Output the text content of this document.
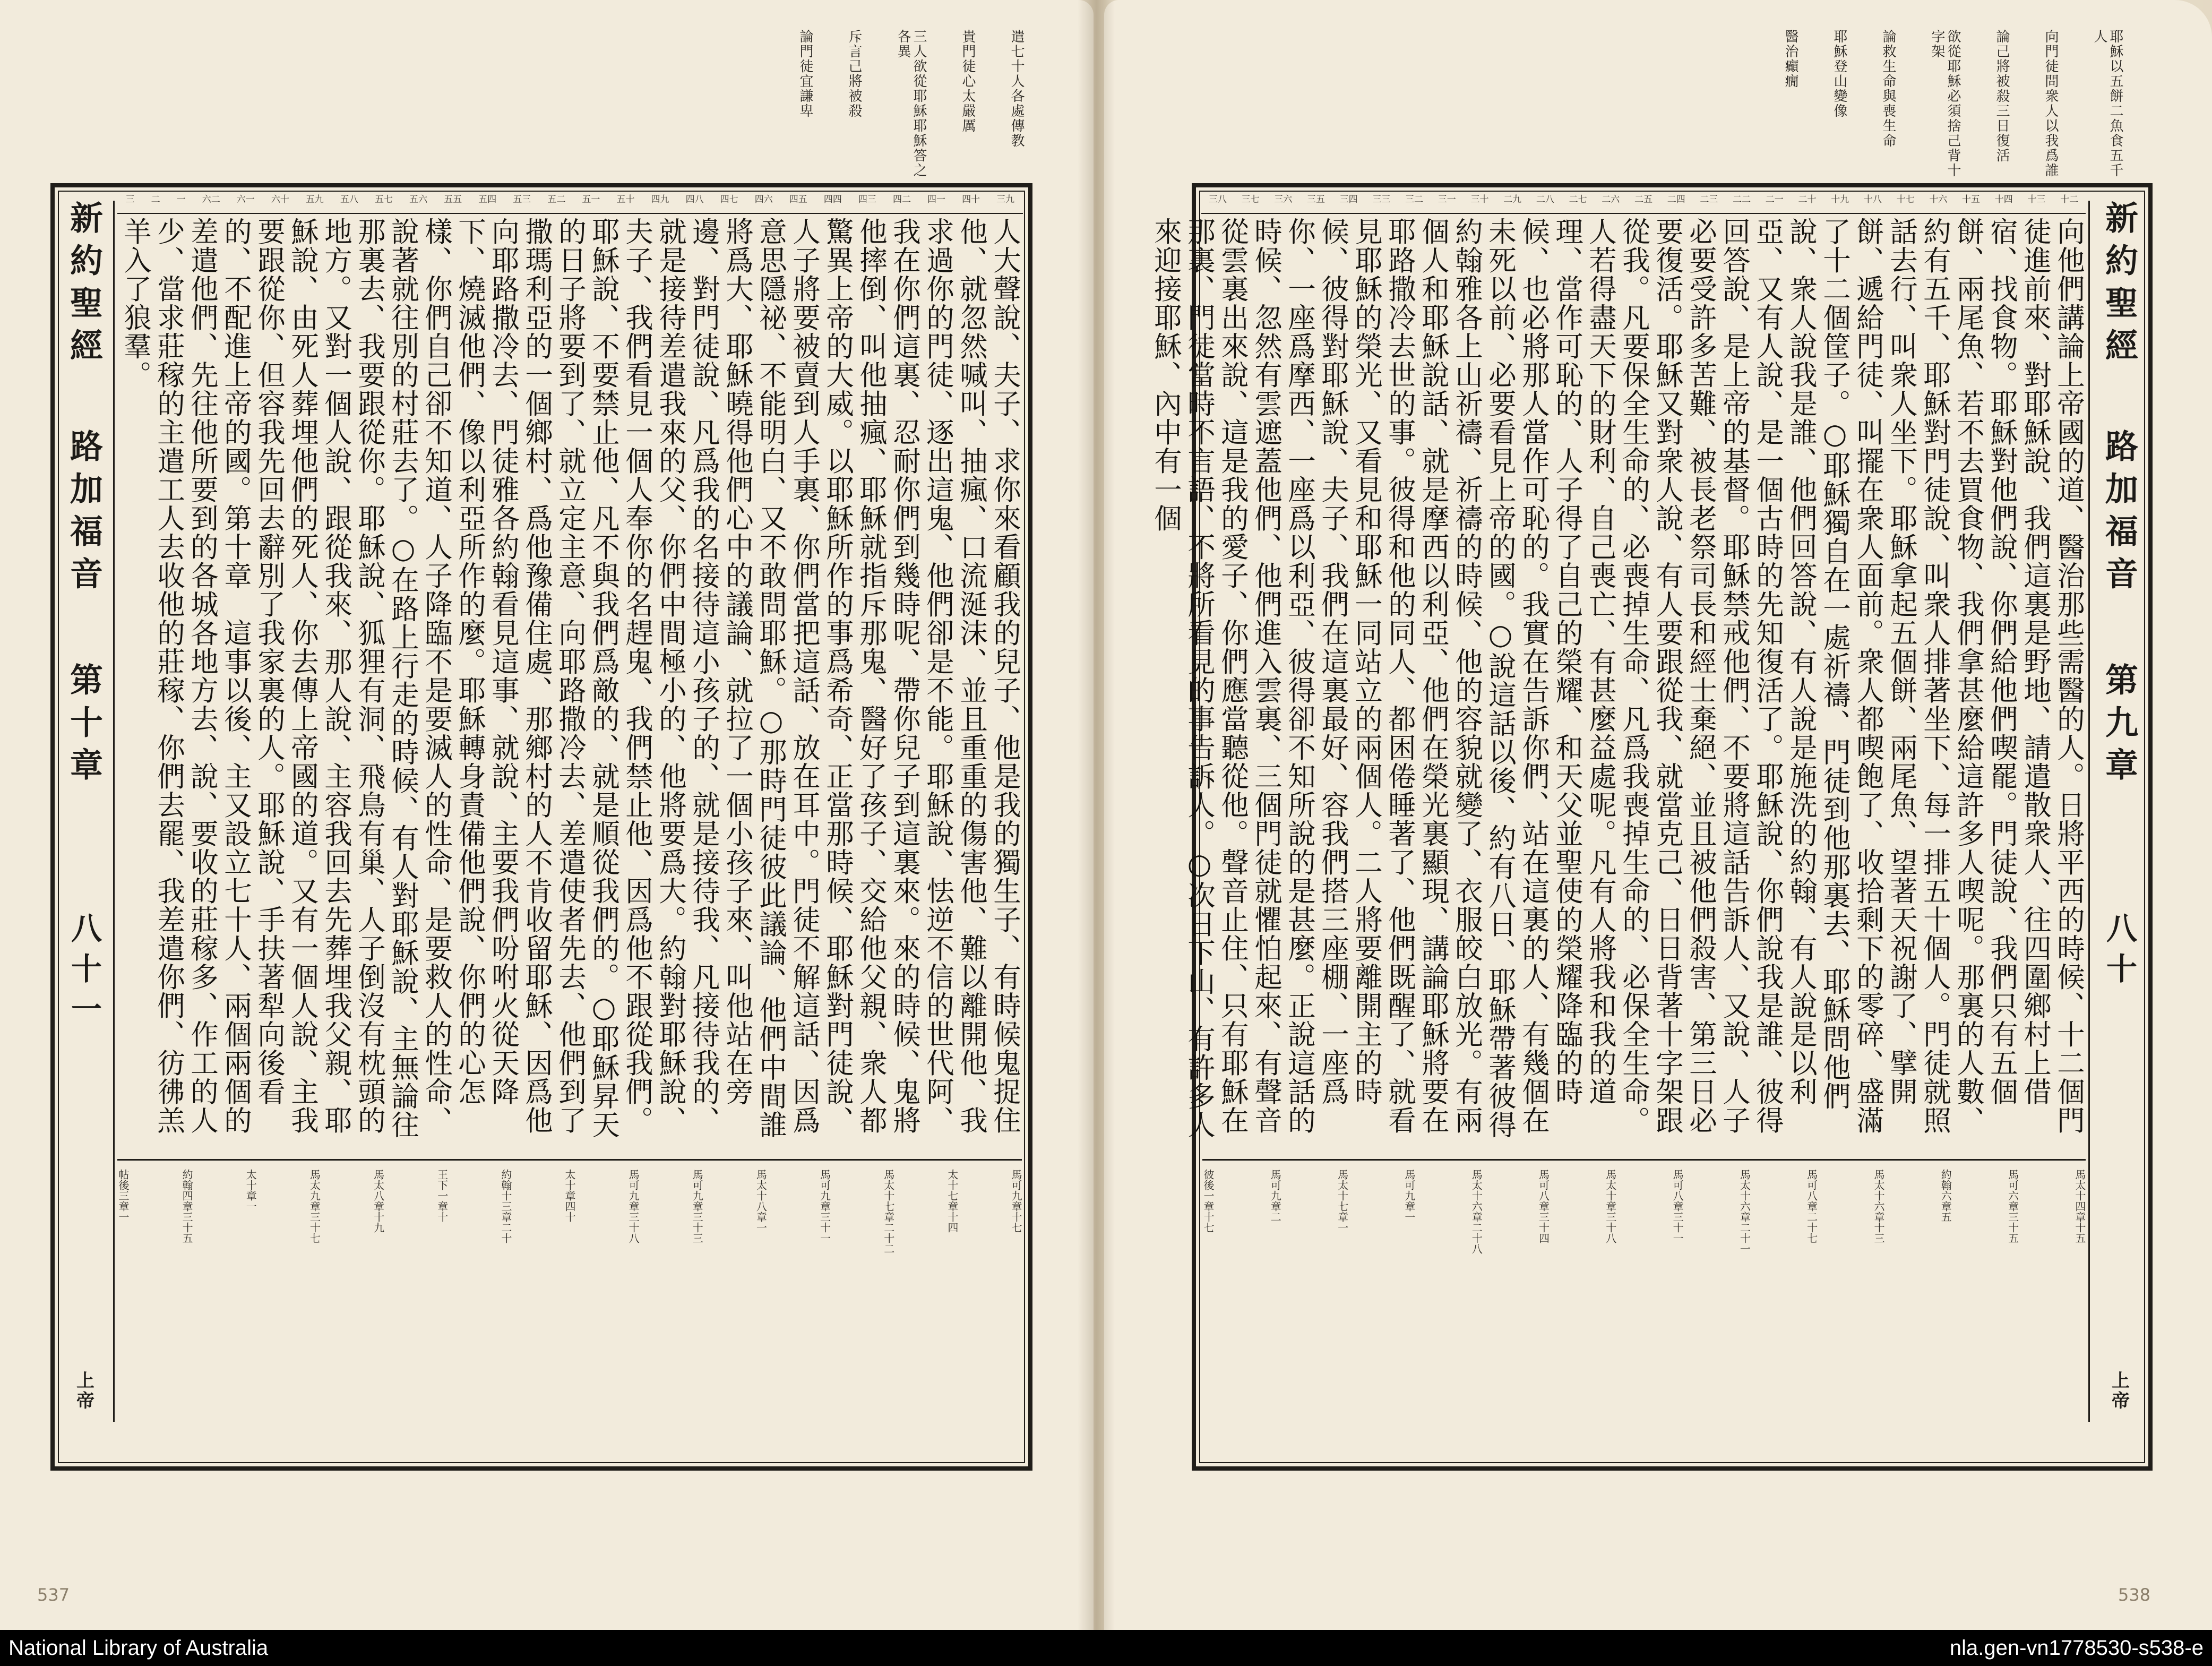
遣七十人各處傳教
貴門徒心太嚴厲
三人欲從耶穌耶穌答之各異
斥言己將被殺
論門徒宜謙卑
新約聖經
路加福音
第十章
八十一
上帝
三九
四十
四一
四二
四三
四四
四五
四六
四七
四八
四九
五十
五一
五二
五三
五四
五五
五六
五七
五八
五九
六十
六一
六二
一
二
三
人大聲說、夫子、求你來看顧我的兒子、他是我的獨生子、有時候鬼捉住他、就忽然喊叫、抽瘋、口流涎沫、並且重重的傷害他、難以離開他、我求過你的門徒、逐出這鬼、他們卻是不能。耶穌說、怯逆不信的世代阿、我在你們這裏、忍耐你們到幾時呢、帶你兒子到這裏來。來的時候、鬼將他摔倒、叫他抽瘋、耶穌就指斥那鬼、醫好了孩子、交給他父親、衆人都驚異上帝的大威。以耶穌所作的事爲希奇、正當那時候、耶穌對門徒說、人子將要被賣到人手裏、你們當把這話、放在耳中。門徒不解這話、因爲意思隱祕、不能明白、又不敢問耶穌。○那時門徒彼此議論、他們中間誰將爲大、耶穌曉得他們心中的議論、就拉了一個小孩子來、叫他站在旁邊、對門徒說、凡爲我的名接待這小孩子的、就是接待我、凡接待我的、就是接待差遣我來的父、你們中間極小的、他將要爲大。約翰對耶穌說、夫子、我們看見一個人奉你的名趕鬼、我們禁止他、因爲他不跟從我們。耶穌說、不要禁止他、凡不與我們爲敵的、就是順從我們的。○耶穌昇天的日子將要到了、就立定主意、向耶路撒冷去、差遣使者先去、他們到了撒瑪利亞的一個鄉村、爲他豫備住處、那鄉村的人不肯收留耶穌、因爲他向耶路撒冷去、門徒雅各約翰看見這事、就說、主要我們吩咐火從天降下、燒滅他們、像以利亞所作的麼。耶穌轉身責備他們說、你們的心怎樣、你們自己卻不知道、人子降臨不是要滅人的性命、是要救人的性命、說著就往別的村莊去了。○在路上行走的時候、有人對耶穌說、主無論往那裏去、我要跟從你。耶穌說、狐狸有洞、飛鳥有巢、人子倒沒有枕頭的地方。又對一個人說、跟從我來、那人說、主容我回去先葬埋我父親、耶穌說、由死人葬埋他們的死人、你去傳上帝國的道。又有一個人說、主我要跟從你、但容我先回去辭別了我家裏的人。耶穌說、手扶著犁向後看的、不配進上帝的國。第十章　這事以後、主又設立七十人、兩個兩個的差遣他們、先往他所要到的各城各地方去、說、要收的莊稼多、作工的人少、當求莊稼的主遣工人去收他的莊稼、你們去罷、我差遣你們、彷彿羔羊入了狼羣。
馬可九章十七
太十七章十四
馬太十七章二十二
馬可九章三十一
馬太十八章一
馬可九章三十三
馬可九章三十八
太十章四十
約翰十三章二十
王下一章十
馬太八章十九
馬太九章三十七
太十章一
約翰四章三十五
帖後三章一
537
耶穌以五餅二魚食五千人
向門徒問衆人以我爲誰
論己將被殺三日復活
欲從耶穌必須捨己背十字架
論救生命與喪生命
耶穌登山變像
醫治癲癇
新約聖經
路加福音
第九章
八十
上帝
十二
十三
十四
十五
十六
十七
十八
十九
二十
二一
二二
二三
二四
二五
二六
二七
二八
二九
三十
三一
三二
三三
三四
三五
三六
三七
三八
向他們講論上帝國的道、醫治那些需醫的人。日將平西的時候、十二個門徒進前來、對耶穌說、我們這裏是野地、請遣散衆人、往四圍鄉村上借宿、找食物。耶穌對他們說、你們給他們喫罷。門徒說、我們只有五個餅、兩尾魚、若不去買食物、我們拿甚麼給這許多人喫呢。那裏的人數、約有五千、耶穌對門徒說、叫衆人排著坐下、每一排五十個人。門徒就照話去行、叫衆人坐下。耶穌拿起五個餅、兩尾魚、望著天祝謝了、擘開餅、遞給門徒、叫擺在衆人面前。衆人都喫飽了、收拾剩下的零碎、盛滿了十二個筐子。○耶穌獨自在一處祈禱、門徒到他那裏去、耶穌問他們說、衆人說我是誰、他們回答說、有人說是施洗的約翰、有人說是以利亞、又有人說、是一個古時的先知復活了。耶穌說、你們說我是誰、彼得回答說、是上帝的基督。耶穌禁戒他們、不要將這話告訴人、又說、人子必要受許多苦難、被長老祭司長和經士棄絕、並且被他們殺害、第三日必要復活。耶穌又對衆人說、有人要跟從我、就當克己、日日背著十字架跟從我。凡要保全生命的、必喪掉生命、凡爲我喪掉生命的、必保全生命。人若得盡天下的財利、自己喪亡、有甚麼益處呢。凡有人將我和我的道理、當作可恥的、人子得了自己的榮耀、和天父並聖使的榮耀降臨的時候、也必將那人當作可恥的。我實在告訴你們、站在這裏的人、有幾個在未死以前、必要看見上帝的國。○說這話以後、約有八日、耶穌帶著彼得約翰雅各上山祈禱、祈禱的時候、他的容貌就變了、衣服皎白放光。有兩個人和耶穌說話、就是摩西以利亞、他們在榮光裏顯現、講論耶穌將要在耶路撒冷去世的事。彼得和他的同人、都困倦睡著了、他們既醒了、就看見耶穌的榮光、又看見和耶穌一同站立的兩個人。二人將要離開主的時候、彼得對耶穌說、夫子、我們在這裏最好、容我們搭三座棚、一座爲你、一座爲摩西、一座爲以利亞、彼得卻不知所說的是甚麼。正說這話的時候、忽然有雲遮蓋他們、他們進入雲裏、三個門徒就懼怕起來、有聲音從雲裏出來說、這是我的愛子、你們應當聽從他。聲音止住、只有耶穌在那裏、門徒當時不言語、不將所看見的事告訴人。○次日下山、有許多人來迎接耶穌、內中有一個
馬太十四章十五
馬可六章三十五
約翰六章五
馬太十六章十三
馬可八章二十七
馬太十六章二十一
馬可八章三十一
馬太十章三十八
馬可八章三十四
馬太十六章二十八
馬可九章一
馬太十七章一
馬可九章二
彼後一章十七
538
National Library of Australia	nla.gen-vn1778530-s538-e
